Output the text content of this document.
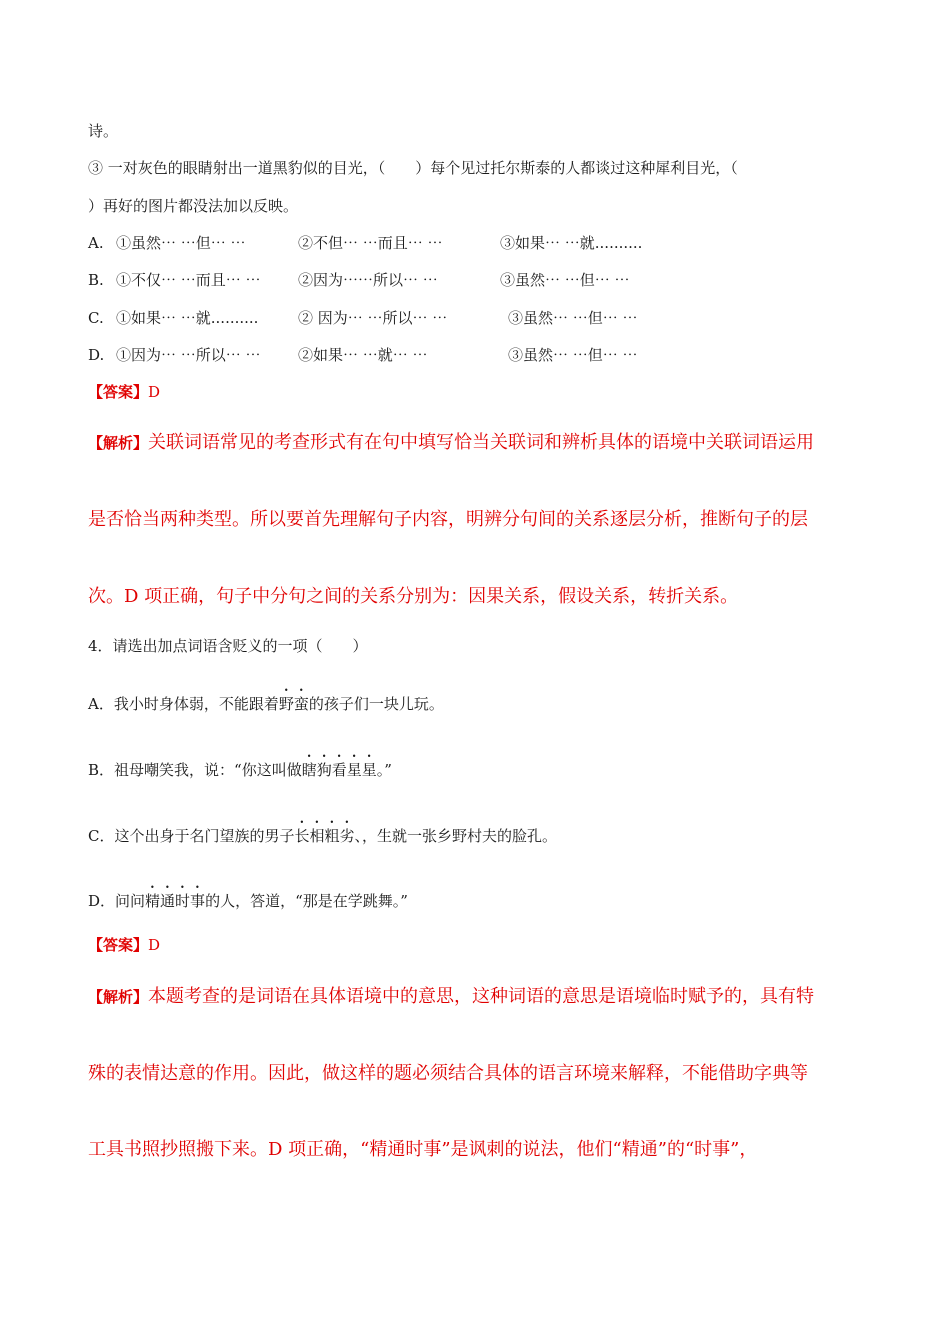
诗。
③ 一对灰色的眼睛射出一道黑豹似的目光，（　　）每个见过托尔斯泰的人都谈过这种犀利目光，（
）再好的图片都没法加以反映。
A. ①虽然⋯ ⋯但⋯ ⋯	②不但⋯ ⋯而且⋯ ⋯	③如果⋯ ⋯就..........
B. ①不仅⋯ ⋯而且⋯ ⋯ ②因为⋯⋯所以⋯ ⋯	③虽然⋯ ⋯但⋯ ⋯
C. ①如果⋯ ⋯就..........	② 因为⋯ ⋯所以⋯ ⋯	③虽然⋯ ⋯但⋯ ⋯
D. ①因为⋯ ⋯所以⋯ ⋯ ②如果⋯ ⋯就⋯ ⋯	③虽然⋯ ⋯但⋯ ⋯
【答案】D
【解析】关联词语常见的考查形式有在句中填写恰当关联词和辨析具体的语境中关联词语运用
是否恰当两种类型。所以要首先理解句子内容，明辨分句间的关系逐层分析，推断句子的层
次。D 项正确，句子中分句之间的关系分别为：因果关系，假设关系，转折关系。
4．请选出加点词语含贬义的一项（　　）
A．我小时身体弱，不能跟着野蛮的孩子们一块儿玩。
B．祖母嘲笑我，说：“你这叫做瞎狗看星星。”
C．这个出身于名门望族的男子长相粗劣、，生就一张乡野村夫的脸孔。
D．问问精通时事的人，答道，“那是在学跳舞。”
【答案】D
【解析】本题考查的是词语在具体语境中的意思，这种词语的意思是语境临时赋予的，具有特
殊的表情达意的作用。因此，做这样的题必须结合具体的语言环境来解释，不能借助字典等
工具书照抄照搬下来。D 项正确，“精通时事”是讽刺的说法，他们“精通”的“时事”，
